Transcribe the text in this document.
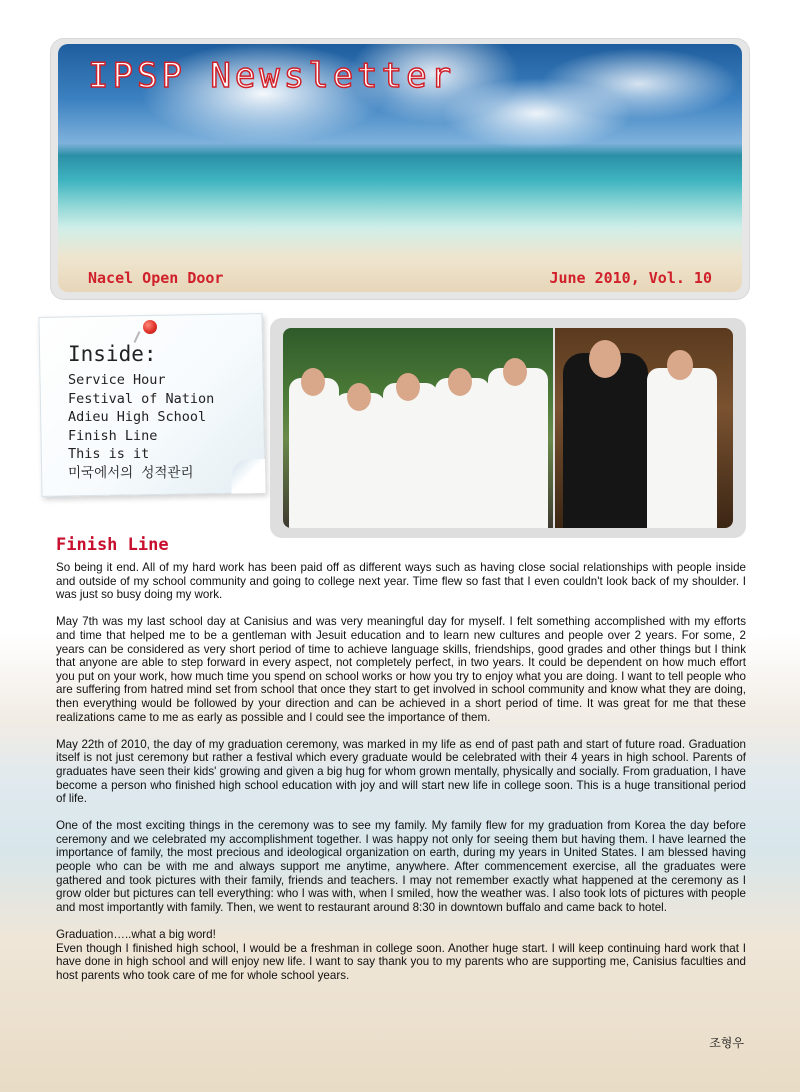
IPSP Newsletter
Nacel Open Door	June 2010, Vol. 10
Inside:
Service Hour
Festival of Nation
Adieu High School
Finish Line
This is it
미국에서의 성적관리
Finish Line

So being it end. All of my hard work has been paid off as different ways such as having close social relationships with people inside and outside of my school community and going to college next year. Time flew so fast that I even couldn't look back of my shoulder. I was just so busy doing my work.

May 7th was my last school day at Canisius and was very meaningful day for myself. I felt something accomplished with my efforts and time that helped me to be a gentleman with Jesuit education and to learn new cultures and people over 2 years. For some, 2 years can be considered as very short period of time to achieve language skills, friendships, good grades and other things but I think that anyone are able to step forward in every aspect, not completely perfect, in two years. It could be dependent on how much effort you put on your work, how much time you spend on school works or how you try to enjoy what you are doing. I want to tell people who are suffering from hatred mind set from school that once they start to get involved in school community and know what they are doing, then everything would be followed by your direction and can be achieved in a short period of time. It was great for me that these realizations came to me as early as possible and I could see the importance of them.

May 22th of 2010, the day of my graduation ceremony, was marked in my life as end of past path and start of future road. Graduation itself is not just ceremony but rather a festival which every graduate would be celebrated with their 4 years in high school. Parents of graduates have seen their kids' growing and given a big hug for whom grown mentally, physically and socially. From graduation, I have become a person who finished high school education with joy and will start new life in college soon. This is a huge transitional period of life.

One of the most exciting things in the ceremony was to see my family. My family flew for my graduation from Korea the day before ceremony and we celebrated my accomplishment together. I was happy not only for seeing them but having them. I have learned the importance of family, the most precious and ideological organization on earth, during my years in United States. I am blessed having people who can be with me and always support me anytime, anywhere. After commencement exercise, all the graduates were gathered and took pictures with their family, friends and teachers. I may not remember exactly what happened at the ceremony as I grow older but pictures can tell everything: who I was with, when I smiled, how the weather was. I also took lots of pictures with people and most importantly with family. Then, we went to restaurant around 8:30 in downtown buffalo and came back to hotel.

Graduation…..what a big word!

Even though I finished high school, I would be a freshman in college soon. Another huge start. I will keep continuing hard work that I have done in high school and will enjoy new life. I want to say thank you to my parents who are supporting me, Canisius faculties and host parents who took care of me for whole school years.

조형우
